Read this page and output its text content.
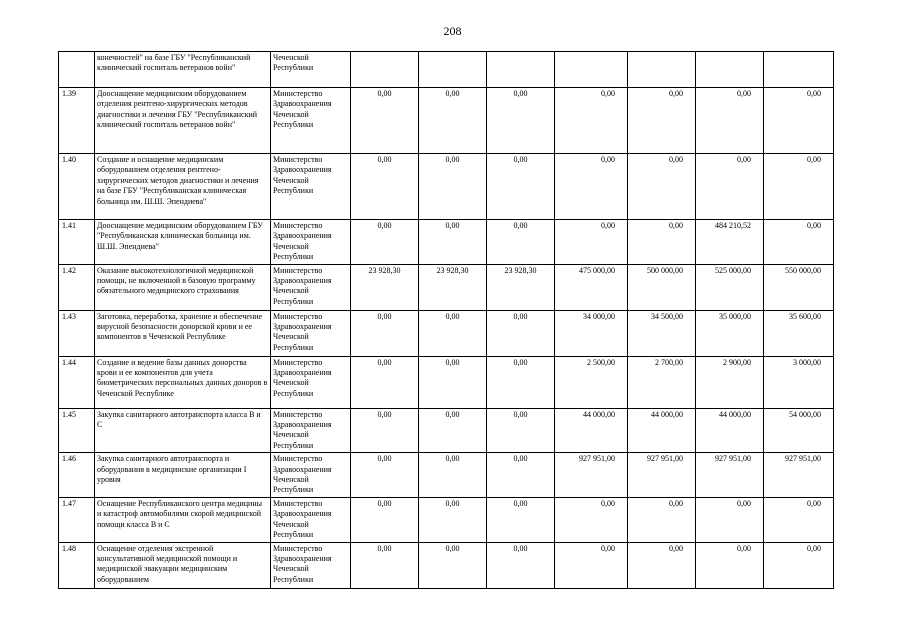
208
	конечностей" на базе ГБУ "Республиканский клинический госпиталь ветеранов войн"	Чеченской Республики							
1.39	Дооснащение медицинским оборудованием отделения рентгено-хирургических методов диагностики и лечения ГБУ "Республиканский клинический госпиталь ветеранов войн"	Министерство Здравоохранения Чеченской Республики	0,00	0,00	0,00	0,00	0,00	0,00	0,00
1.40	Создание и оснащение медицинским оборудованием отделения рентгено-хирургических методов диагностики и лечения на базе ГБУ "Республиканская клиническая больница им. Ш.Ш. Эпендиева"	Министерство Здравоохранения Чеченской Республики	0,00	0,00	0,00	0,00	0,00	0,00	0,00
1.41	Дооснащение медицинским оборудованием ГБУ "Республиканская клиническая больница им. Ш.Ш. Эпендиева"	Министерство Здравоохранения Чеченской Республики	0,00	0,00	0,00	0,00	0,00	484 210,52	0,00
1.42	Оказание высокотехнологичной медицинской помощи, не включенной в базовую программу обязательного медицинского страхования	Министерство Здравоохранения Чеченской Республики	23 928,30	23 928,30	23 928,30	475 000,00	500 000,00	525 000,00	550 000,00
1.43	Заготовка, переработка, хранение и обеспечение вирусной безопасности донорской крови и ее компонентов в Чеченской Республике	Министерство Здравоохранения Чеченской Республики	0,00	0,00	0,00	34 000,00	34 500,00	35 000,00	35 600,00
1.44	Создание и ведение базы данных донорства крови и ее компонентов для учета биометрических персональных данных доноров в Чеченской Республике	Министерство Здравоохранения Чеченской Республики	0,00	0,00	0,00	2 500,00	2 700,00	2 900,00	3 000,00
1.45	Закупка санитарного автотранспорта класса В и С	Министерство Здравоохранения Чеченской Республики	0,00	0,00	0,00	44 000,00	44 000,00	44 000,00	54 000,00
1.46	Закупка санитарного автотранспорта и оборудования в медицинские организации I уровня	Министерство Здравоохранения Чеченской Республики	0,00	0,00	0,00	927 951,00	927 951,00	927 951,00	927 951,00
1.47	Оснащение Республиканского центра медицины и катастроф автомобилями скорой медицинской помощи класса В и С	Министерство Здравоохранения Чеченской Республики	0,00	0,00	0,00	0,00	0,00	0,00	0,00
1.48	Оснащение отделения экстренной консультативной медицинской помощи и медицинской эвакуации медицинским оборудованием	Министерство Здравоохранения Чеченской Республики	0,00	0,00	0,00	0,00	0,00	0,00	0,00
